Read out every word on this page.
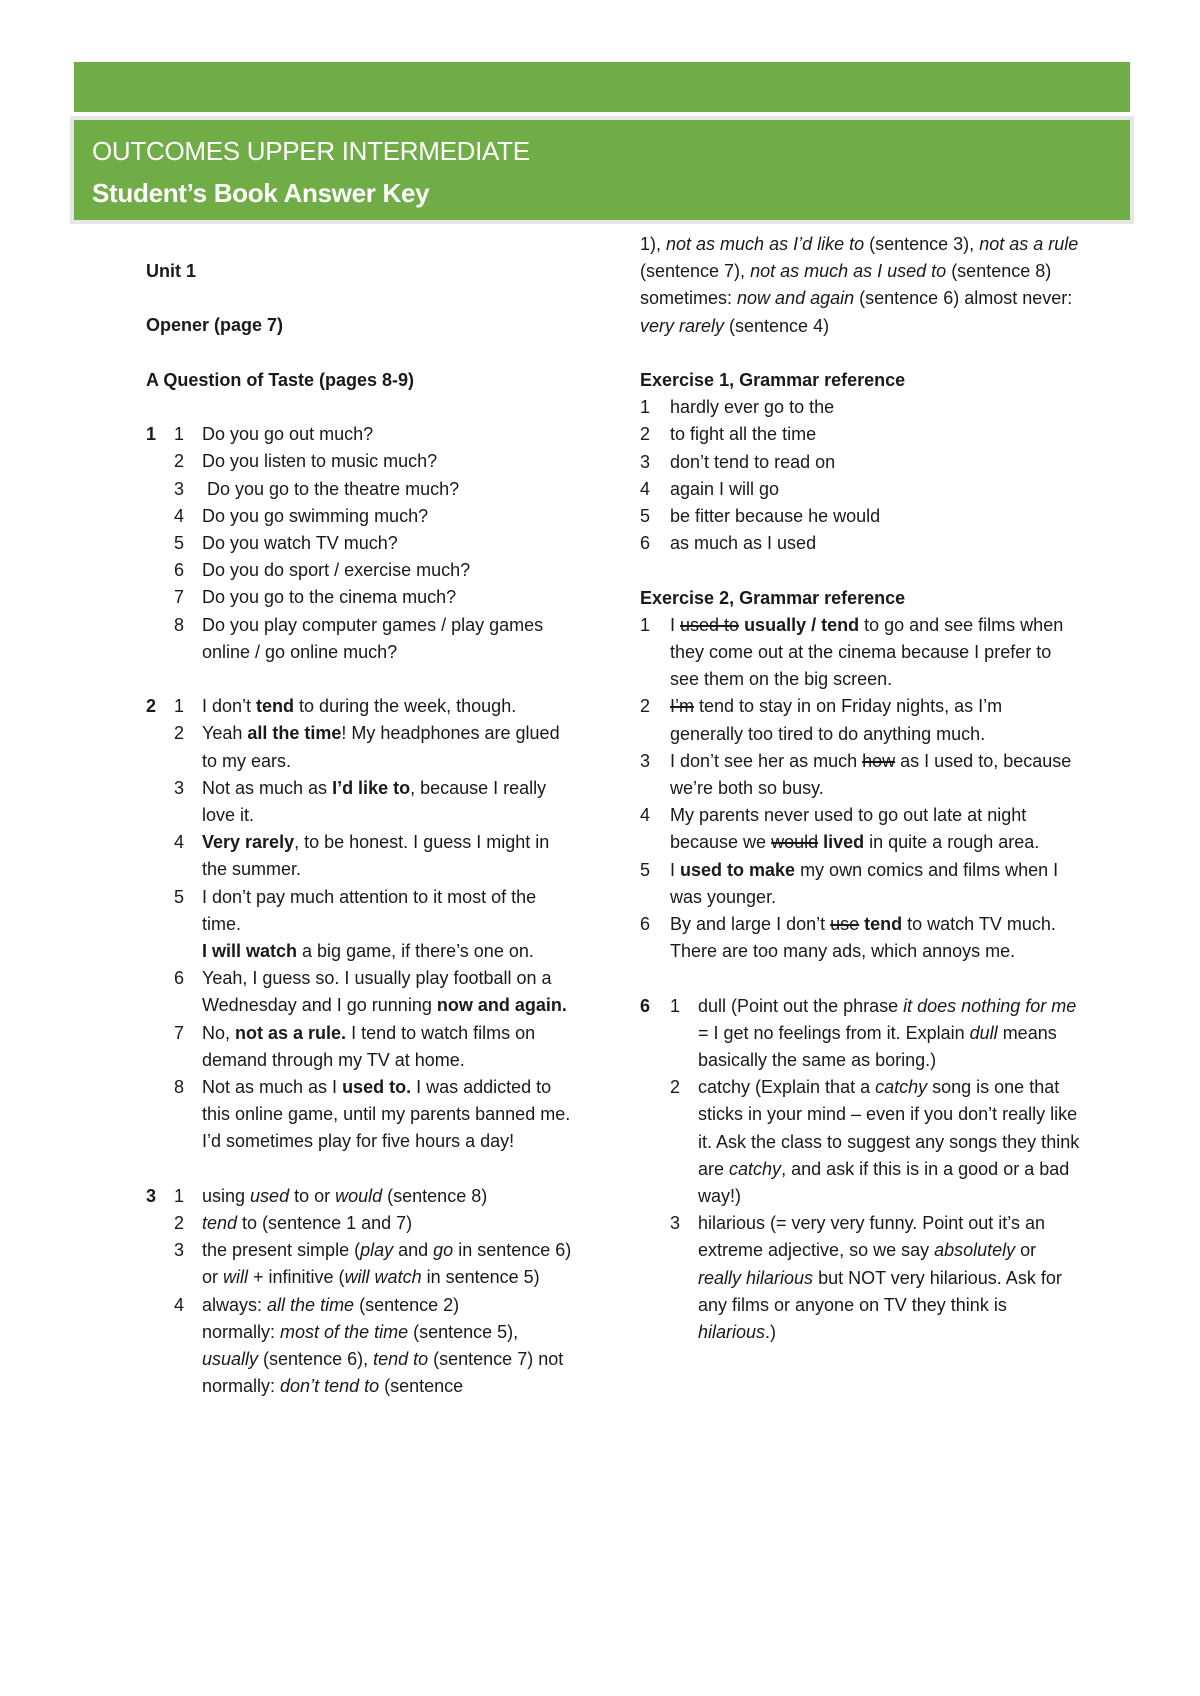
OUTCOMES UPPER INTERMEDIATE
Student’s Book Answer Key
Unit 1
Opener (page 7)
A Question of Taste (pages 8-9)
1 1 Do you go out much?
2 Do you listen to music much?
3 Do you go to the theatre much?
4 Do you go swimming much?
5 Do you watch TV much?
6 Do you do sport / exercise much?
7 Do you go to the cinema much?
8 Do you play computer games / play games online / go online much?
2 1 I don’t tend to during the week, though.
2 Yeah all the time! My headphones are glued to my ears.
3 Not as much as I’d like to, because I really love it.
4 Very rarely, to be honest. I guess I might in the summer.
5 I don’t pay much attention to it most of the time.
I will watch a big game, if there’s one on.
6 Yeah, I guess so. I usually play football on a Wednesday and I go running now and again.
7 No, not as a rule. I tend to watch films on demand through my TV at home.
8 Not as much as I used to. I was addicted to this online game, until my parents banned me. I’d sometimes play for five hours a day!
3 1 using used to or would (sentence 8)
2 tend to (sentence 1 and 7)
3 the present simple (play and go in sentence 6) or will + infinitive (will watch in sentence 5)
4 always: all the time (sentence 2)
normally: most of the time (sentence 5), usually (sentence 6), tend to (sentence 7) not normally: don’t tend to (sentence
1), not as much as I’d like to (sentence 3), not as a rule (sentence 7), not as much as I used to (sentence 8) sometimes: now and again (sentence 6) almost never: very rarely (sentence 4)
Exercise 1, Grammar reference
1 hardly ever go to the
2 to fight all the time
3 don’t tend to read on
4 again I will go
5 be fitter because he would
6 as much as I used
Exercise 2, Grammar reference
1 I used to usually / tend to go and see films when they come out at the cinema because I prefer to see them on the big screen.
2 I’m tend to stay in on Friday nights, as I’m generally too tired to do anything much.
3 I don’t see her as much how as I used to, because we’re both so busy.
4 My parents never used to go out late at night because we would lived in quite a rough area.
5 I used to make my own comics and films when I was younger.
6 By and large I don’t use tend to watch TV much.
There are too many ads, which annoys me.
6 1 dull (Point out the phrase it does nothing for me = I get no feelings from it. Explain dull means basically the same as boring.)
2 catchy (Explain that a catchy song is one that sticks in your mind – even if you don’t really like it. Ask the class to suggest any songs they think are catchy, and ask if this is in a good or a bad way!)
3 hilarious (= very very funny. Point out it’s an extreme adjective, so we say absolutely or really hilarious but NOT very hilarious. Ask for any films or anyone on TV they think is hilarious.)
